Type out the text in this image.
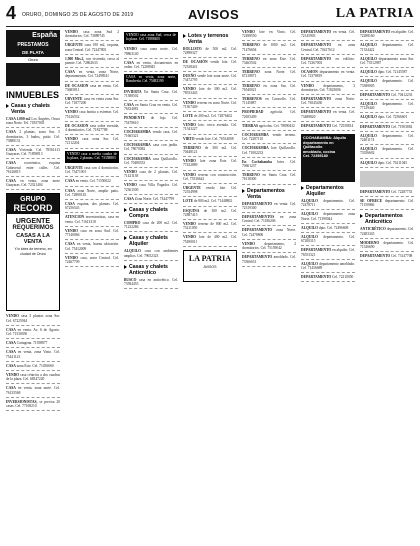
4 ORURO, DOMINGO 25 DE AGOSTO DE 2019	AVISOS	LA PATRIA
España
PRESTAMOS
DE PLATA
Oruro
INMUEBLES
Casas y chalets Venta
CASA 1.000 m2 Los Ángeles, Oruro zona Norte. Tel. 71857003
CASA 2 plantas, zona Sur, 5 dormitorios, 3 baños, patio. Cel. 73888131
CASA Vivienda. Cel. 78561413 Guayaras. Cel. 71858813
CASA económica, esquina Cañaveral entre calles. Cel. 76126815
CASA en venta, zona norte Guayaras. Cel. 72321404
GRUPO
RECORD
URGENTE
REQUERIMOS
CASAS A LA VENTA
Y/o lotes de terreno, en ciudad de Oruro
VENDO casa 3 plantas zona Sur. Cel. 67225944
CASA en venta. Av. 6 de Agosto. Cel. 71530050
CASA Cartagena. 71398877
CASA en venta, zona Vinto. Cel. 75441123
CASA zona Este. Cel. 71456660
VENDO casa céntrica a dos cuadras de la plaza. Cel. 68347220
CASA en venta, zona norte. Cel. 76135568
INVERSIONISTAS, se precisa 20 casas. Cel. 77168210
VENDO casa zona Sud 2 dormitorios. Cel. 73889745
URGENTE casa 190 m2, esquina, zona Central. Cel. 72247803
1.900 Mts.2, con vivienda, cerca al puente. Cel. 72862633
CASA en venta, zona Norte, departamentos. Cel. 72498541
DE OCASION casa en venta. Cel. 73685811
URVENTE casa en venta zona Sur. Cel. 71877200
VENDO casa bonita a estrenar. Cel. 75126532
DE OCASION casa sobre avenida, 4 dormitorios. Cel. 71827788
VENDO casa zona Sur. Cel. 72112204
VENDO casa a media cuadra de la plaza, 2 plantas. Cel. 73358803
URGENTE casa con 4 dormitorios. Cel. 73471001
CASA en venta. Cel. 71550022
CASA zona Norte, amplio patio. Cel. 72880145
CASA esquina, dos plantas. Cel. 67256543
ATENCION inversionistas, casa en venta. Cel. 71613318
VENDO casa en zona Sud. Cel. 77140066
CASA en venta, buena ubicación. Cel. 75412009
VENDO casa, zona Central. Cel. 72467709
VENDO casa zona Sud, cerca de la plaza. Cel. 71888405
VENDO casa zona norte. Cel. 78863140
CASA en venta, documentos en orden. Cel. 72288045
CASA en venta, zona norte, Ranchería. Cel. 75482190
INVIERTA En Santa Cruz. Cel. 71388502
CASA en Santa Cruz en venta. Cel. 76354081
PENDIENTE de lujo. Cel. 75478610
COCHABAMBA vendo casa. Cel. 71665321
COCHABAMBA casa con jardín. Cel. 78070082
COCHABAMBA casa Quillacollo. Cel. 70480333
VENDO casa de 2 plantas. Cel. 71421138
VENDO casa Villa Pagador. Cel. 72361500
CASA Zona Norte. Cel. 73447799
Casas y chalets Compra
COMPRO casa de 200 m2. Cel. 71232286
Casas y chalets Alquiler
ALQUILO casa con ambientes amplios. Cel. 79652323
Casas y chalets Anticrético
BUSCO casa en anticrético. Cel. 73584455
Lotes y terrenos Venta
ROLLISTO de 500 m2. Cel. 72898327
DE OCASIÓN vendo lote. Cel. 72338441
DUEÑO vende lote zona norte. Cel. 73472795
VENDO lote de 300 m2. Cel. 78533443
VENDO terreno en zona Norte. Cel. 71367449
LOTE de 200 m2. Cel. 72876402
VENDO lote, cerca avenida. Cel. 71543227
VIRTO vendo lote. Cel. 76534008
TERRENO de 300 m2. Cel. 70448121
VENDO lote zona Este. Cel. 77432889
VENDO terreno con construcción. Cel. 75536642
URGENTE vendo lote. Cel. 72354998
LOTE de 800 m2. Cel. 71448802
ESQUINA de 300 m2. Cel. 72887415
VENDO terreno de 800 m2. Cel. 73211050
VENDO lote de 400 m2. Cel. 75490011
LA PATRIA
AVISOS
VENDO lote en Vinto. Cel. 72498550
TERRENO de 1000 m2. Cel. 71476604
TERRENO en zona Este. Cel. 73465502
TERRENO zona Norte. Cel. 67218871
TERRENO en zona Sur. Cel. 76540021
TERRENOS en Caracollo. Cel. 71145887
PROPIEDAD agrícola. Cel. 72655409
TIERRAS agrícolas. Cel. 78890432
COCHABAMBA vendo terreno. Cel. 72287110
COCHABAMBA lote Quillacollo. Cel. 71002233
En Cochabamba lotes. Cel. 70661237
TERRENO en Santa Cruz. Cel. 76118300
Departamentos Venta
DEPARTAMENTO en venta. Cel. 72319300
DEPARTAMENTOS en zona Central. Cel. 71186206
DEPARTAMENTO zona Norte. Cel. 72478806
VENDO	departamento, 2 dormitorios. Cel. 75159042
DEPARTAMENTO amoblado. Cel. 73366651
DEPARTAMENTO en venta. Cel. 72145903
DEPARTAMENTO en zona Central. Cel. 70417612
DEPARTAMENTO en edificio. Cel. 72367003
OCASION departamento en venta. Cel. 72378819
VENDO	departamento, 3 dormitorios. Cel. 71823006
DEPARTAMENTO zona Norte. Cel. 76545430
DEPARTAMENTO en venta. Cel. 73488820
DEPARTAMENTO Cel. 72558814
COCHABAMBA: Alquilo
departamento en Quillacollo
amoblado, cocina
Cel. 72355180
Departamentos Alquiler
ALQUILO departamento. Cel. 72478711
ALQUILO departamento zona Norte. Cel. 71390044
ALQUILO dpto. Cel. 72496608
ALQUILO departamento. Cel. 67200315
DEPARTAMENTO en alquiler. Cel. 76553321
ALQUILO departamento amoblado. Cel. 71456689
DEPARTAMENTO Cel. 72210050
DEPARTAMENTO en alquiler. Cel. 72288160
ALQUILO departamento. Cel. 71334422
ALQUILO departamento zona Sur. Cel. 75512987
ALQUILO dpto. Cel. 72145587
ALQUILO departamento. Cel. 73388005
DEPARTAMENTO Cel. 70412233
ALQUILO departamento. Cel. 77129440
ALQUILO dpto. Cel. 72566601
DEPARTAMENTO Cel. 71903882
ALQUILO departamento. Cel. 72401174
ALQUILO departamento. Cel. 73356692
ALQUILO dpto. Cel. 76211045
DEPARTAMENTO Cel. 72287733
SE OFRECE departamento. Cel. 71150066
Departamentos Anticrético
ANTICRÉTICO departamento. Cel. 72483345
MODERNO departamento. Cel. 71526690
DEPARTAMENTO Cel. 73147708
